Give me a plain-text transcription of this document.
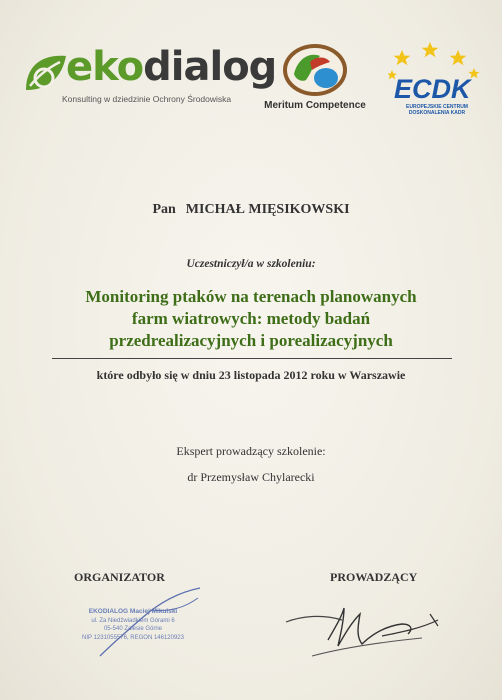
ekodialog
Konsulting w dziedzinie Ochrony Środowiska
Meritum Competence
ECDK
EUROPEJSKIE CENTRUM
DOSKONALENIA KADR
Pan MICHAŁ MIĘSIKOWSKI
Uczestniczył/a w szkoleniu:
Monitoring ptaków na terenach planowanych
farm wiatrowych: metody badań
przedrealizacyjnych i porealizacyjnych
które odbyło się w dniu 23 listopada 2012 roku w Warszawie
Ekspert prowadzący szkolenie:
dr Przemysław Chylarecki
ORGANIZATOR	PROWADZĄCY
EKODIALOG Maciej Mikulski
ul. Za Niedźwiadkiem Górami 6
05-540 Zalesie Górne
NIP 1231055576, REGON 146120923
